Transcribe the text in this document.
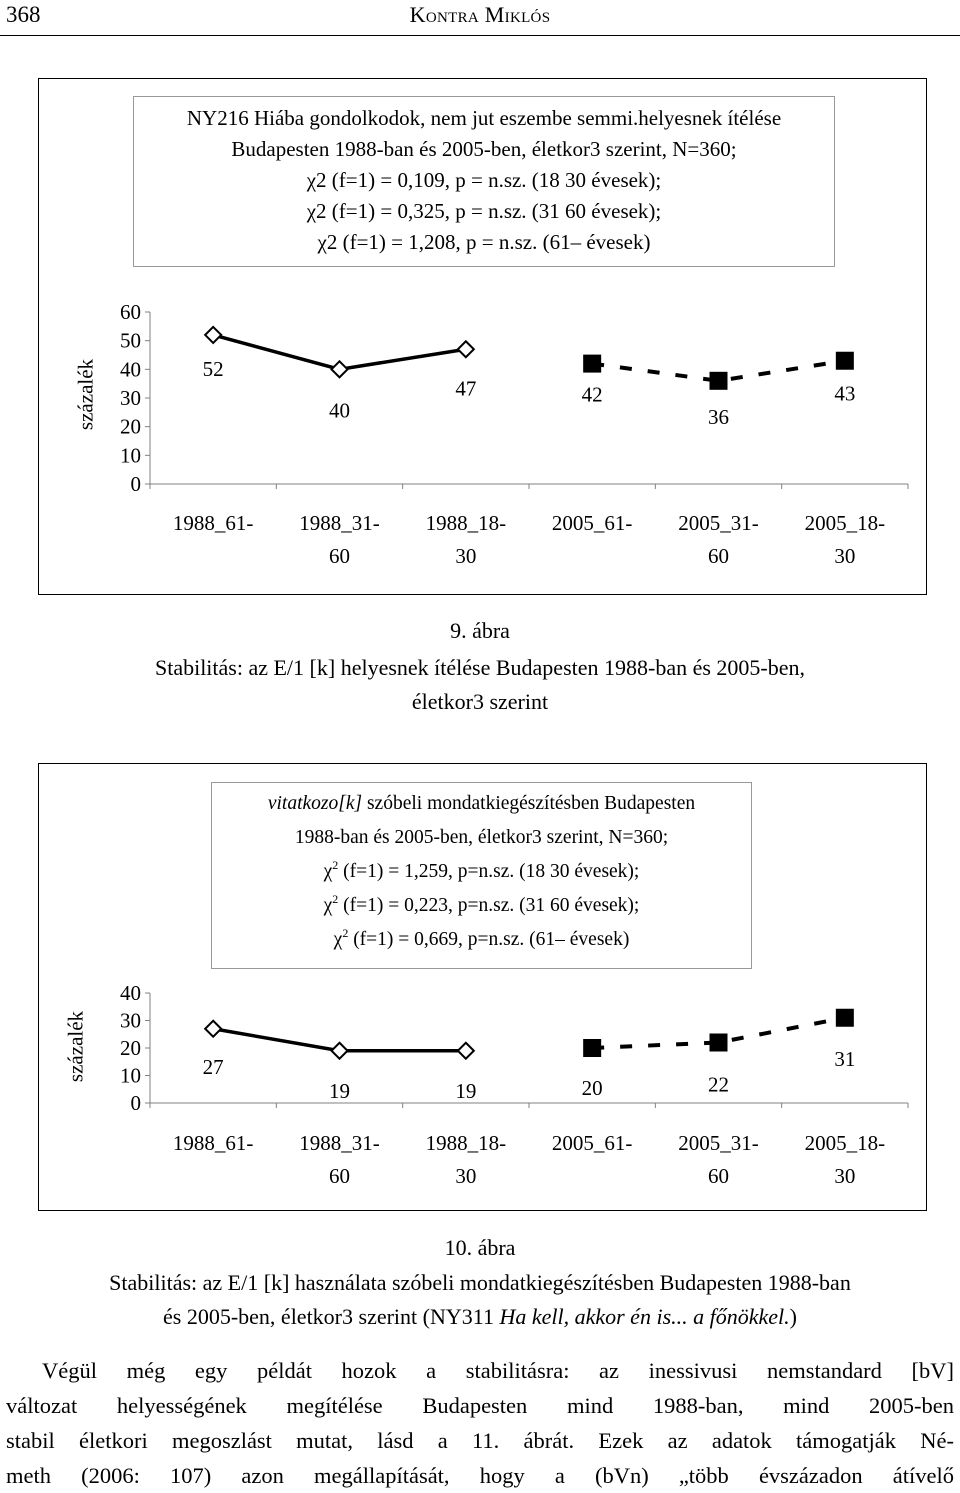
368	Kontra Miklós
NY216 Hiába gondolkodok, nem jut eszembe semmi.helyesnek ítélése
Budapesten 1988-ban és 2005-ben, életkor3 szerint, N=360;
χ2 (f=1) = 0,109, p = n.sz. (18 30 évesek);
χ2 (f=1) = 0,325, p = n.sz. (31 60 évesek);
χ2 (f=1) = 1,208, p = n.sz. (61– évesek)
százalék
0
10
20
30
40
50
60
1988_61- 1988_31-
60
1988_18-
30
2005_61- 2005_31-
60
2005_18-
30
52
40
47	42
36
43
9. ábra
Stabilitás: az E/1 [k] helyesnek ítélése Budapesten 1988-ban és 2005-ben,
életkor3 szerint
vitatkozo[k] szóbeli mondatkiegészítésben Budapesten
1988-ban és 2005-ben, életkor3 szerint, N=360;
$\chi^2$ (f=1) = 1,259, p=n.sz. (18 30 évesek);
$\chi^2$ (f=1) = 0,223, p=n.sz. (31 60 évesek);
$\chi^2$ (f=1) = 0,669, p=n.sz. (61– évesek)
százalék
0
10
20
30
40
1988_61- 1988_31-
60
1988_18-
30
2005_61- 2005_31-
60
2005_18-
30
27
19	19	20	22
31
10. ábra
Stabilitás: az E/1 [k] használata szóbeli mondatkiegészítésben Budapesten 1988-ban
és 2005-ben, életkor3 szerint (NY311 Ha kell, akkor én is... a főnökkel.)

Végül még egy példát hozok a stabilitásra: az inessivusi nemstandard [bV]

változat helyességének megítélése Budapesten mind 1988-ban, mind 2005-ben

stabil életkori megoszlást mutat, lásd a 11. ábrát. Ezek az adatok támogatják Né-

meth (2006: 107) azon megállapítását, hogy a (bVn) „több évszázadon átívelő
